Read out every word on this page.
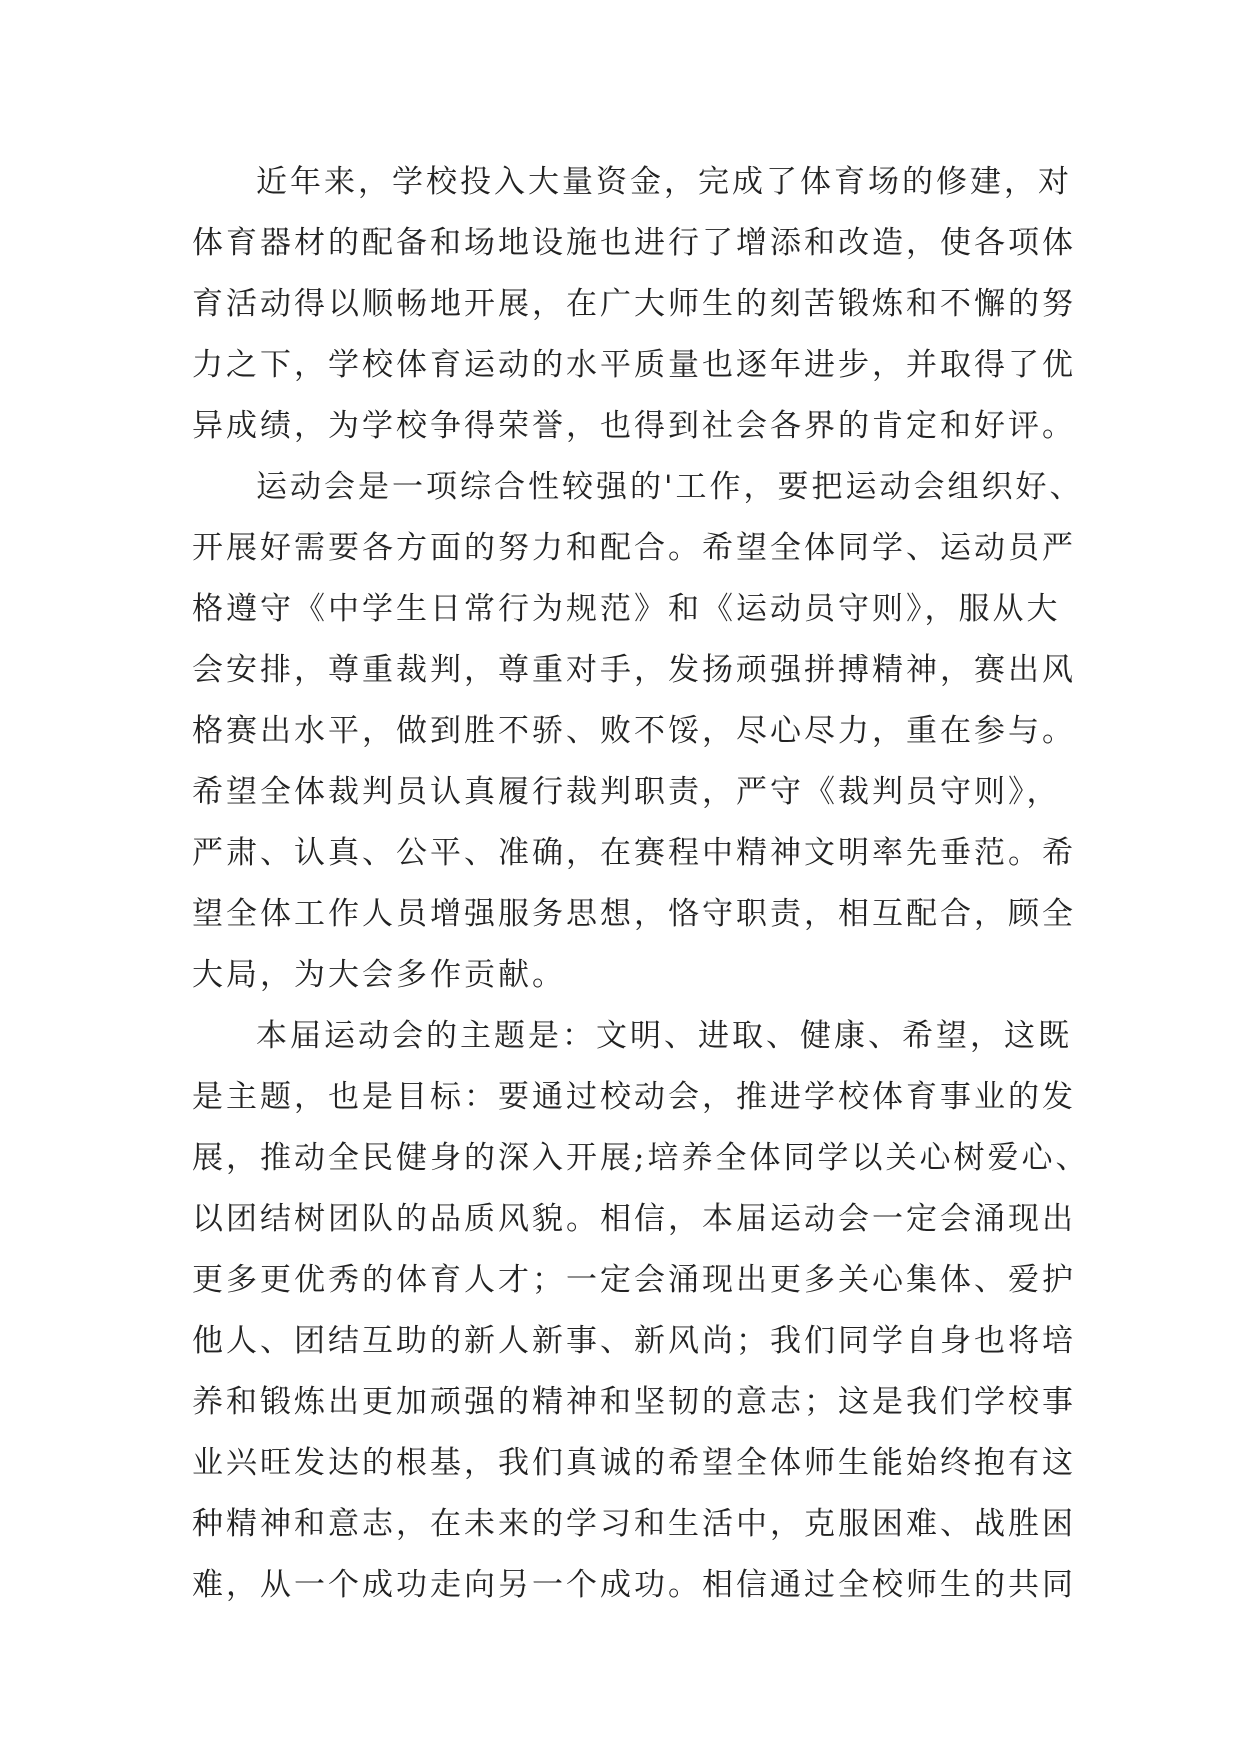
近年来，学校投入大量资金，完成了体育场的修建，对
体育器材的配备和场地设施也进行了增添和改造，使各项体
育活动得以顺畅地开展，在广大师生的刻苦锻炼和不懈的努
力之下，学校体育运动的水平质量也逐年进步，并取得了优
异成绩，为学校争得荣誉，也得到社会各界的肯定和好评。
运动会是一项综合性较强的'工作，要把运动会组织好、
开展好需要各方面的努力和配合。希望全体同学、运动员严
格遵守《中学生日常行为规范》和《运动员守则》，服从大
会安排，尊重裁判，尊重对手，发扬顽强拼搏精神，赛出风
格赛出水平，做到胜不骄、败不馁，尽心尽力，重在参与。
希望全体裁判员认真履行裁判职责，严守《裁判员守则》，
严肃、认真、公平、准确，在赛程中精神文明率先垂范。希
望全体工作人员增强服务思想，恪守职责，相互配合，顾全
大局，为大会多作贡献。
本届运动会的主题是：文明、进取、健康、希望，这既
是主题，也是目标：要通过校动会，推进学校体育事业的发
展，推动全民健身的深入开展;培养全体同学以关心树爱心、
以团结树团队的品质风貌。相信，本届运动会一定会涌现出
更多更优秀的体育人才；一定会涌现出更多关心集体、爱护
他人、团结互助的新人新事、新风尚；我们同学自身也将培
养和锻炼出更加顽强的精神和坚韧的意志；这是我们学校事
业兴旺发达的根基，我们真诚的希望全体师生能始终抱有这
种精神和意志，在未来的学习和生活中，克服困难、战胜困
难，从一个成功走向另一个成功。相信通过全校师生的共同
